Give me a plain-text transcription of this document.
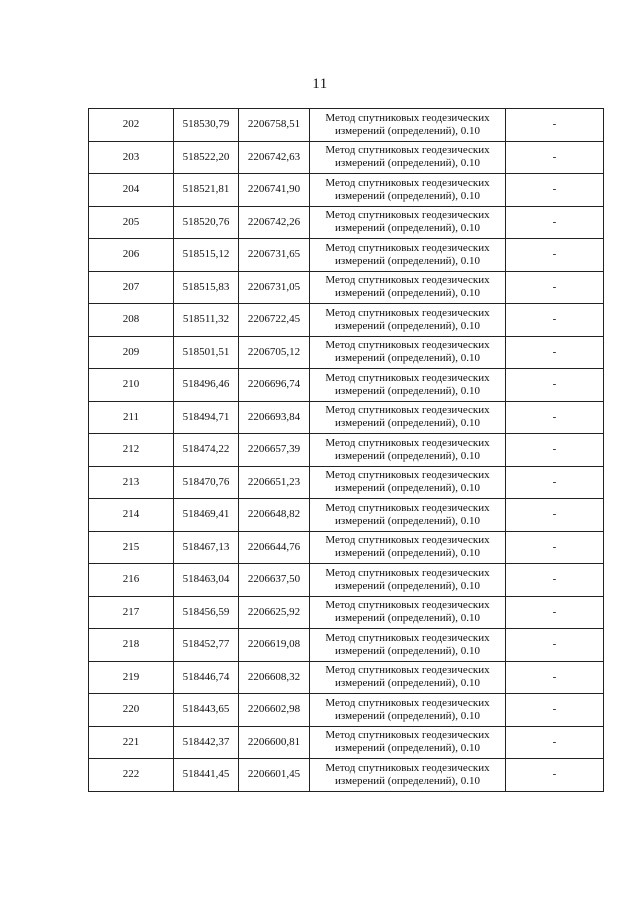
11
202	518530,79	2206758,51	Метод спутниковых геодезических
измерений (определений), 0.10	-
203	518522,20	2206742,63	Метод спутниковых геодезических
измерений (определений), 0.10	-
204	518521,81	2206741,90	Метод спутниковых геодезических
измерений (определений), 0.10	-
205	518520,76	2206742,26	Метод спутниковых геодезических
измерений (определений), 0.10	-
206	518515,12	2206731,65	Метод спутниковых геодезических
измерений (определений), 0.10	-
207	518515,83	2206731,05	Метод спутниковых геодезических
измерений (определений), 0.10	-
208	518511,32	2206722,45	Метод спутниковых геодезических
измерений (определений), 0.10	-
209	518501,51	2206705,12	Метод спутниковых геодезических
измерений (определений), 0.10	-
210	518496,46	2206696,74	Метод спутниковых геодезических
измерений (определений), 0.10	-
211	518494,71	2206693,84	Метод спутниковых геодезических
измерений (определений), 0.10	-
212	518474,22	2206657,39	Метод спутниковых геодезических
измерений (определений), 0.10	-
213	518470,76	2206651,23	Метод спутниковых геодезических
измерений (определений), 0.10	-
214	518469,41	2206648,82	Метод спутниковых геодезических
измерений (определений), 0.10	-
215	518467,13	2206644,76	Метод спутниковых геодезических
измерений (определений), 0.10	-
216	518463,04	2206637,50	Метод спутниковых геодезических
измерений (определений), 0.10	-
217	518456,59	2206625,92	Метод спутниковых геодезических
измерений (определений), 0.10	-
218	518452,77	2206619,08	Метод спутниковых геодезических
измерений (определений), 0.10	-
219	518446,74	2206608,32	Метод спутниковых геодезических
измерений (определений), 0.10	-
220	518443,65	2206602,98	Метод спутниковых геодезических
измерений (определений), 0.10	-
221	518442,37	2206600,81	Метод спутниковых геодезических
измерений (определений), 0.10	-
222	518441,45	2206601,45	Метод спутниковых геодезических
измерений (определений), 0.10	-
